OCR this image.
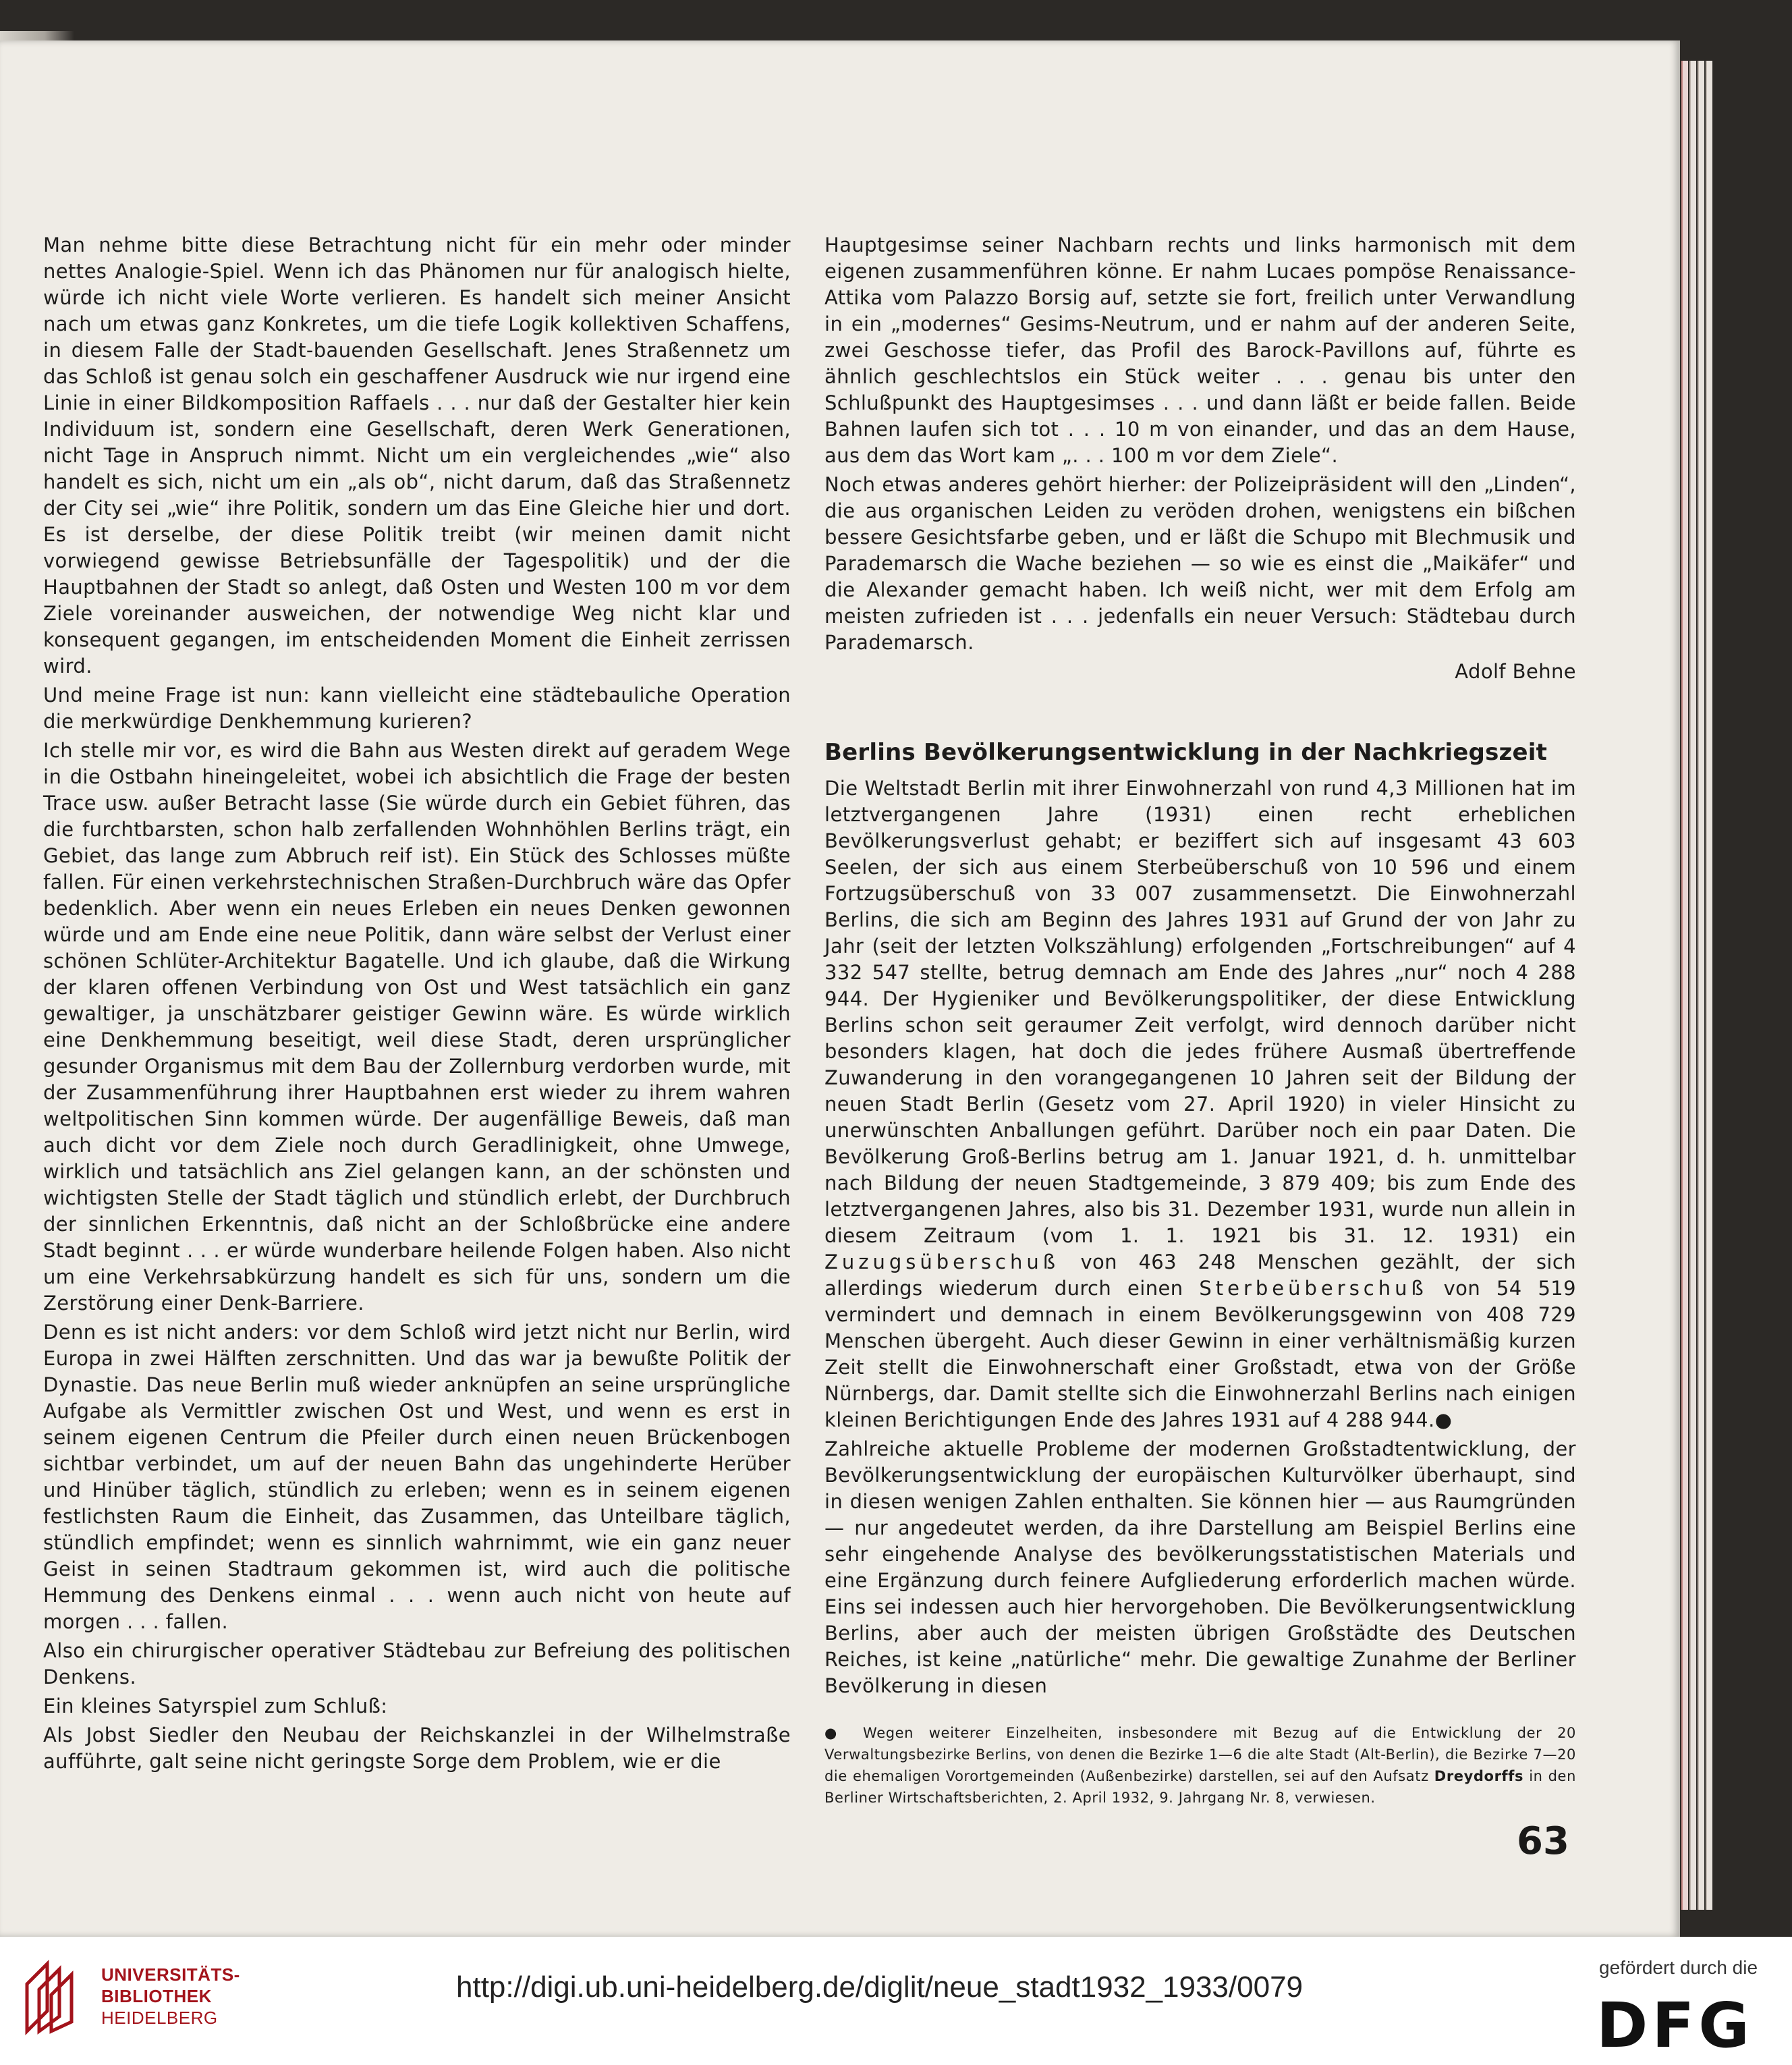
Man nehme bitte diese Betrachtung nicht für ein mehr oder minder nettes Analogie-Spiel. Wenn ich das Phänomen nur für analogisch hielte, würde ich nicht viele Worte verlieren. Es handelt sich meiner Ansicht nach um etwas ganz Konkretes, um die tiefe Logik kollektiven Schaffens, in diesem Falle der Stadt-bauenden Gesellschaft. Jenes Straßennetz um das Schloß ist genau solch ein geschaffener Ausdruck wie nur irgend eine Linie in einer Bildkomposition Raffaels . . . nur daß der Gestalter hier kein Individuum ist, sondern eine Gesellschaft, deren Werk Generationen, nicht Tage in Anspruch nimmt. Nicht um ein vergleichendes „wie“ also handelt es sich, nicht um ein „als ob“, nicht darum, daß das Straßennetz der City sei „wie“ ihre Politik, sondern um das Eine Gleiche hier und dort. Es ist derselbe, der diese Politik treibt (wir meinen damit nicht vorwiegend gewisse Betriebsunfälle der Tagespolitik) und der die Hauptbahnen der Stadt so anlegt, daß Osten und Westen 100 m vor dem Ziele voreinander ausweichen, der notwendige Weg nicht klar und konsequent gegangen, im entscheidenden Moment die Einheit zerrissen wird.

Und meine Frage ist nun: kann vielleicht eine städtebauliche Operation die merkwürdige Denkhemmung kurieren?

Ich stelle mir vor, es wird die Bahn aus Westen direkt auf geradem Wege in die Ostbahn hineingeleitet, wobei ich absichtlich die Frage der besten Trace usw. außer Betracht lasse (Sie würde durch ein Gebiet führen, das die furchtbarsten, schon halb zerfallenden Wohnhöhlen Berlins trägt, ein Gebiet, das lange zum Abbruch reif ist). Ein Stück des Schlosses müßte fallen. Für einen verkehrstechnischen Straßen-Durchbruch wäre das Opfer bedenklich. Aber wenn ein neues Erleben ein neues Denken gewonnen würde und am Ende eine neue Politik, dann wäre selbst der Verlust einer schönen Schlüter-Architektur Bagatelle. Und ich glaube, daß die Wirkung der klaren offenen Verbindung von Ost und West tatsächlich ein ganz gewaltiger, ja unschätzbarer geistiger Gewinn wäre. Es würde wirklich eine Denkhemmung beseitigt, weil diese Stadt, deren ursprünglicher gesunder Organismus mit dem Bau der Zollernburg verdorben wurde, mit der Zusammenführung ihrer Hauptbahnen erst wieder zu ihrem wahren weltpolitischen Sinn kommen würde. Der augenfällige Beweis, daß man auch dicht vor dem Ziele noch durch Geradlinigkeit, ohne Umwege, wirklich und tatsächlich ans Ziel gelangen kann, an der schönsten und wichtigsten Stelle der Stadt täglich und stündlich erlebt, der Durchbruch der sinnlichen Erkenntnis, daß nicht an der Schloßbrücke eine andere Stadt beginnt . . . er würde wunderbare heilende Folgen haben. Also nicht um eine Verkehrsabkürzung handelt es sich für uns, sondern um die Zerstörung einer Denk-Barriere.

Denn es ist nicht anders: vor dem Schloß wird jetzt nicht nur Berlin, wird Europa in zwei Hälften zerschnitten. Und das war ja bewußte Politik der Dynastie. Das neue Berlin muß wieder anknüpfen an seine ursprüngliche Aufgabe als Vermittler zwischen Ost und West, und wenn es erst in seinem eigenen Centrum die Pfeiler durch einen neuen Brückenbogen sichtbar verbindet, um auf der neuen Bahn das ungehinderte Herüber und Hinüber täglich, stündlich zu erleben; wenn es in seinem eigenen festlichsten Raum die Einheit, das Zusammen, das Unteilbare täglich, stündlich empfindet; wenn es sinnlich wahrnimmt, wie ein ganz neuer Geist in seinen Stadtraum gekommen ist, wird auch die politische Hemmung des Denkens einmal . . . wenn auch nicht von heute auf morgen . . . fallen.

Also ein chirurgischer operativer Städtebau zur Befreiung des politischen Denkens.

Ein kleines Satyrspiel zum Schluß:

Als Jobst Siedler den Neubau der Reichskanzlei in der Wilhelmstraße aufführte, galt seine nicht geringste Sorge dem Problem, wie er die

Hauptgesimse seiner Nachbarn rechts und links harmonisch mit dem eigenen zusammenführen könne. Er nahm Lucaes pompöse Renaissance-Attika vom Palazzo Borsig auf, setzte sie fort, freilich unter Verwandlung in ein „modernes“ Gesims-Neutrum, und er nahm auf der anderen Seite, zwei Geschosse tiefer, das Profil des Barock-Pavillons auf, führte es ähnlich geschlechtslos ein Stück weiter . . . genau bis unter den Schlußpunkt des Hauptgesimses . . . und dann läßt er beide fallen. Beide Bahnen laufen sich tot . . . 10 m von einander, und das an dem Hause, aus dem das Wort kam „. . . 100 m vor dem Ziele“.

Noch etwas anderes gehört hierher: der Polizeipräsident will den „Linden“, die aus organischen Leiden zu veröden drohen, wenigstens ein bißchen bessere Gesichtsfarbe geben, und er läßt die Schupo mit Blechmusik und Parademarsch die Wache beziehen — so wie es einst die „Maikäfer“ und die Alexander gemacht haben. Ich weiß nicht, wer mit dem Erfolg am meisten zufrieden ist . . . jedenfalls ein neuer Versuch: Städtebau durch Parademarsch.

Adolf Behne

Berlins Bevölkerungsentwicklung in der Nachkriegszeit

Die Weltstadt Berlin mit ihrer Einwohnerzahl von rund 4,3 Millionen hat im letztvergangenen Jahre (1931) einen recht erheblichen Bevölkerungsverlust gehabt; er beziffert sich auf insgesamt 43 603 Seelen, der sich aus einem Sterbeüberschuß von 10 596 und einem Fortzugsüberschuß von 33 007 zusammensetzt. Die Einwohnerzahl Berlins, die sich am Beginn des Jahres 1931 auf Grund der von Jahr zu Jahr (seit der letzten Volkszählung) erfolgenden „Fortschreibungen“ auf 4 332 547 stellte, betrug demnach am Ende des Jahres „nur“ noch 4 288 944. Der Hygieniker und Bevölkerungspolitiker, der diese Entwicklung Berlins schon seit geraumer Zeit verfolgt, wird dennoch darüber nicht besonders klagen, hat doch die jedes frühere Ausmaß übertreffende Zuwanderung in den vorangegangenen 10 Jahren seit der Bildung der neuen Stadt Berlin (Gesetz vom 27. April 1920) in vieler Hinsicht zu unerwünschten Anballungen geführt. Darüber noch ein paar Daten. Die Bevölkerung Groß-Berlins betrug am 1. Januar 1921, d. h. unmittelbar nach Bildung der neuen Stadtgemeinde, 3 879 409; bis zum Ende des letztvergangenen Jahres, also bis 31. Dezember 1931, wurde nun allein in diesem Zeitraum (vom 1. 1. 1921 bis 31. 12. 1931) ein Zuzugsüberschuß von 463 248 Menschen gezählt, der sich allerdings wiederum durch einen Sterbeüberschuß von 54 519 vermindert und demnach in einem Bevölkerungsgewinn von 408 729 Menschen übergeht. Auch dieser Gewinn in einer verhältnismäßig kurzen Zeit stellt die Einwohnerschaft einer Großstadt, etwa von der Größe Nürnbergs, dar. Damit stellte sich die Einwohnerzahl Berlins nach einigen kleinen Berichtigungen Ende des Jahres 1931 auf 4 288 944.●

Zahlreiche aktuelle Probleme der modernen Großstadtentwicklung, der Bevölkerungsentwicklung der europäischen Kulturvölker überhaupt, sind in diesen wenigen Zahlen enthalten. Sie können hier — aus Raumgründen — nur angedeutet werden, da ihre Darstellung am Beispiel Berlins eine sehr eingehende Analyse des bevölkerungsstatistischen Materials und eine Ergänzung durch feinere Aufgliederung erforderlich machen würde. Eins sei indessen auch hier hervorgehoben. Die Bevölkerungsentwicklung Berlins, aber auch der meisten übrigen Großstädte des Deutschen Reiches, ist keine „natürliche“ mehr. Die gewaltige Zunahme der Berliner Bevölkerung in diesen

● Wegen weiterer Einzelheiten, insbesondere mit Bezug auf die Entwicklung der 20 Verwaltungsbezirke Berlins, von denen die Bezirke 1—6 die alte Stadt (Alt-Berlin), die Bezirke 7—20 die ehemaligen Vorortgemeinden (Außenbezirke) darstellen, sei auf den Aufsatz Dreydorffs in den Berliner Wirtschaftsberichten, 2. April 1932, 9. Jahrgang Nr. 8, verwiesen.

63
UNIVERSITÄTS-
BIBLIOTHEK
HEIDELBERG
http://digi.ub.uni-heidelberg.de/diglit/neue_stadt1932_1933/0079
gefördert durch die
DFG
